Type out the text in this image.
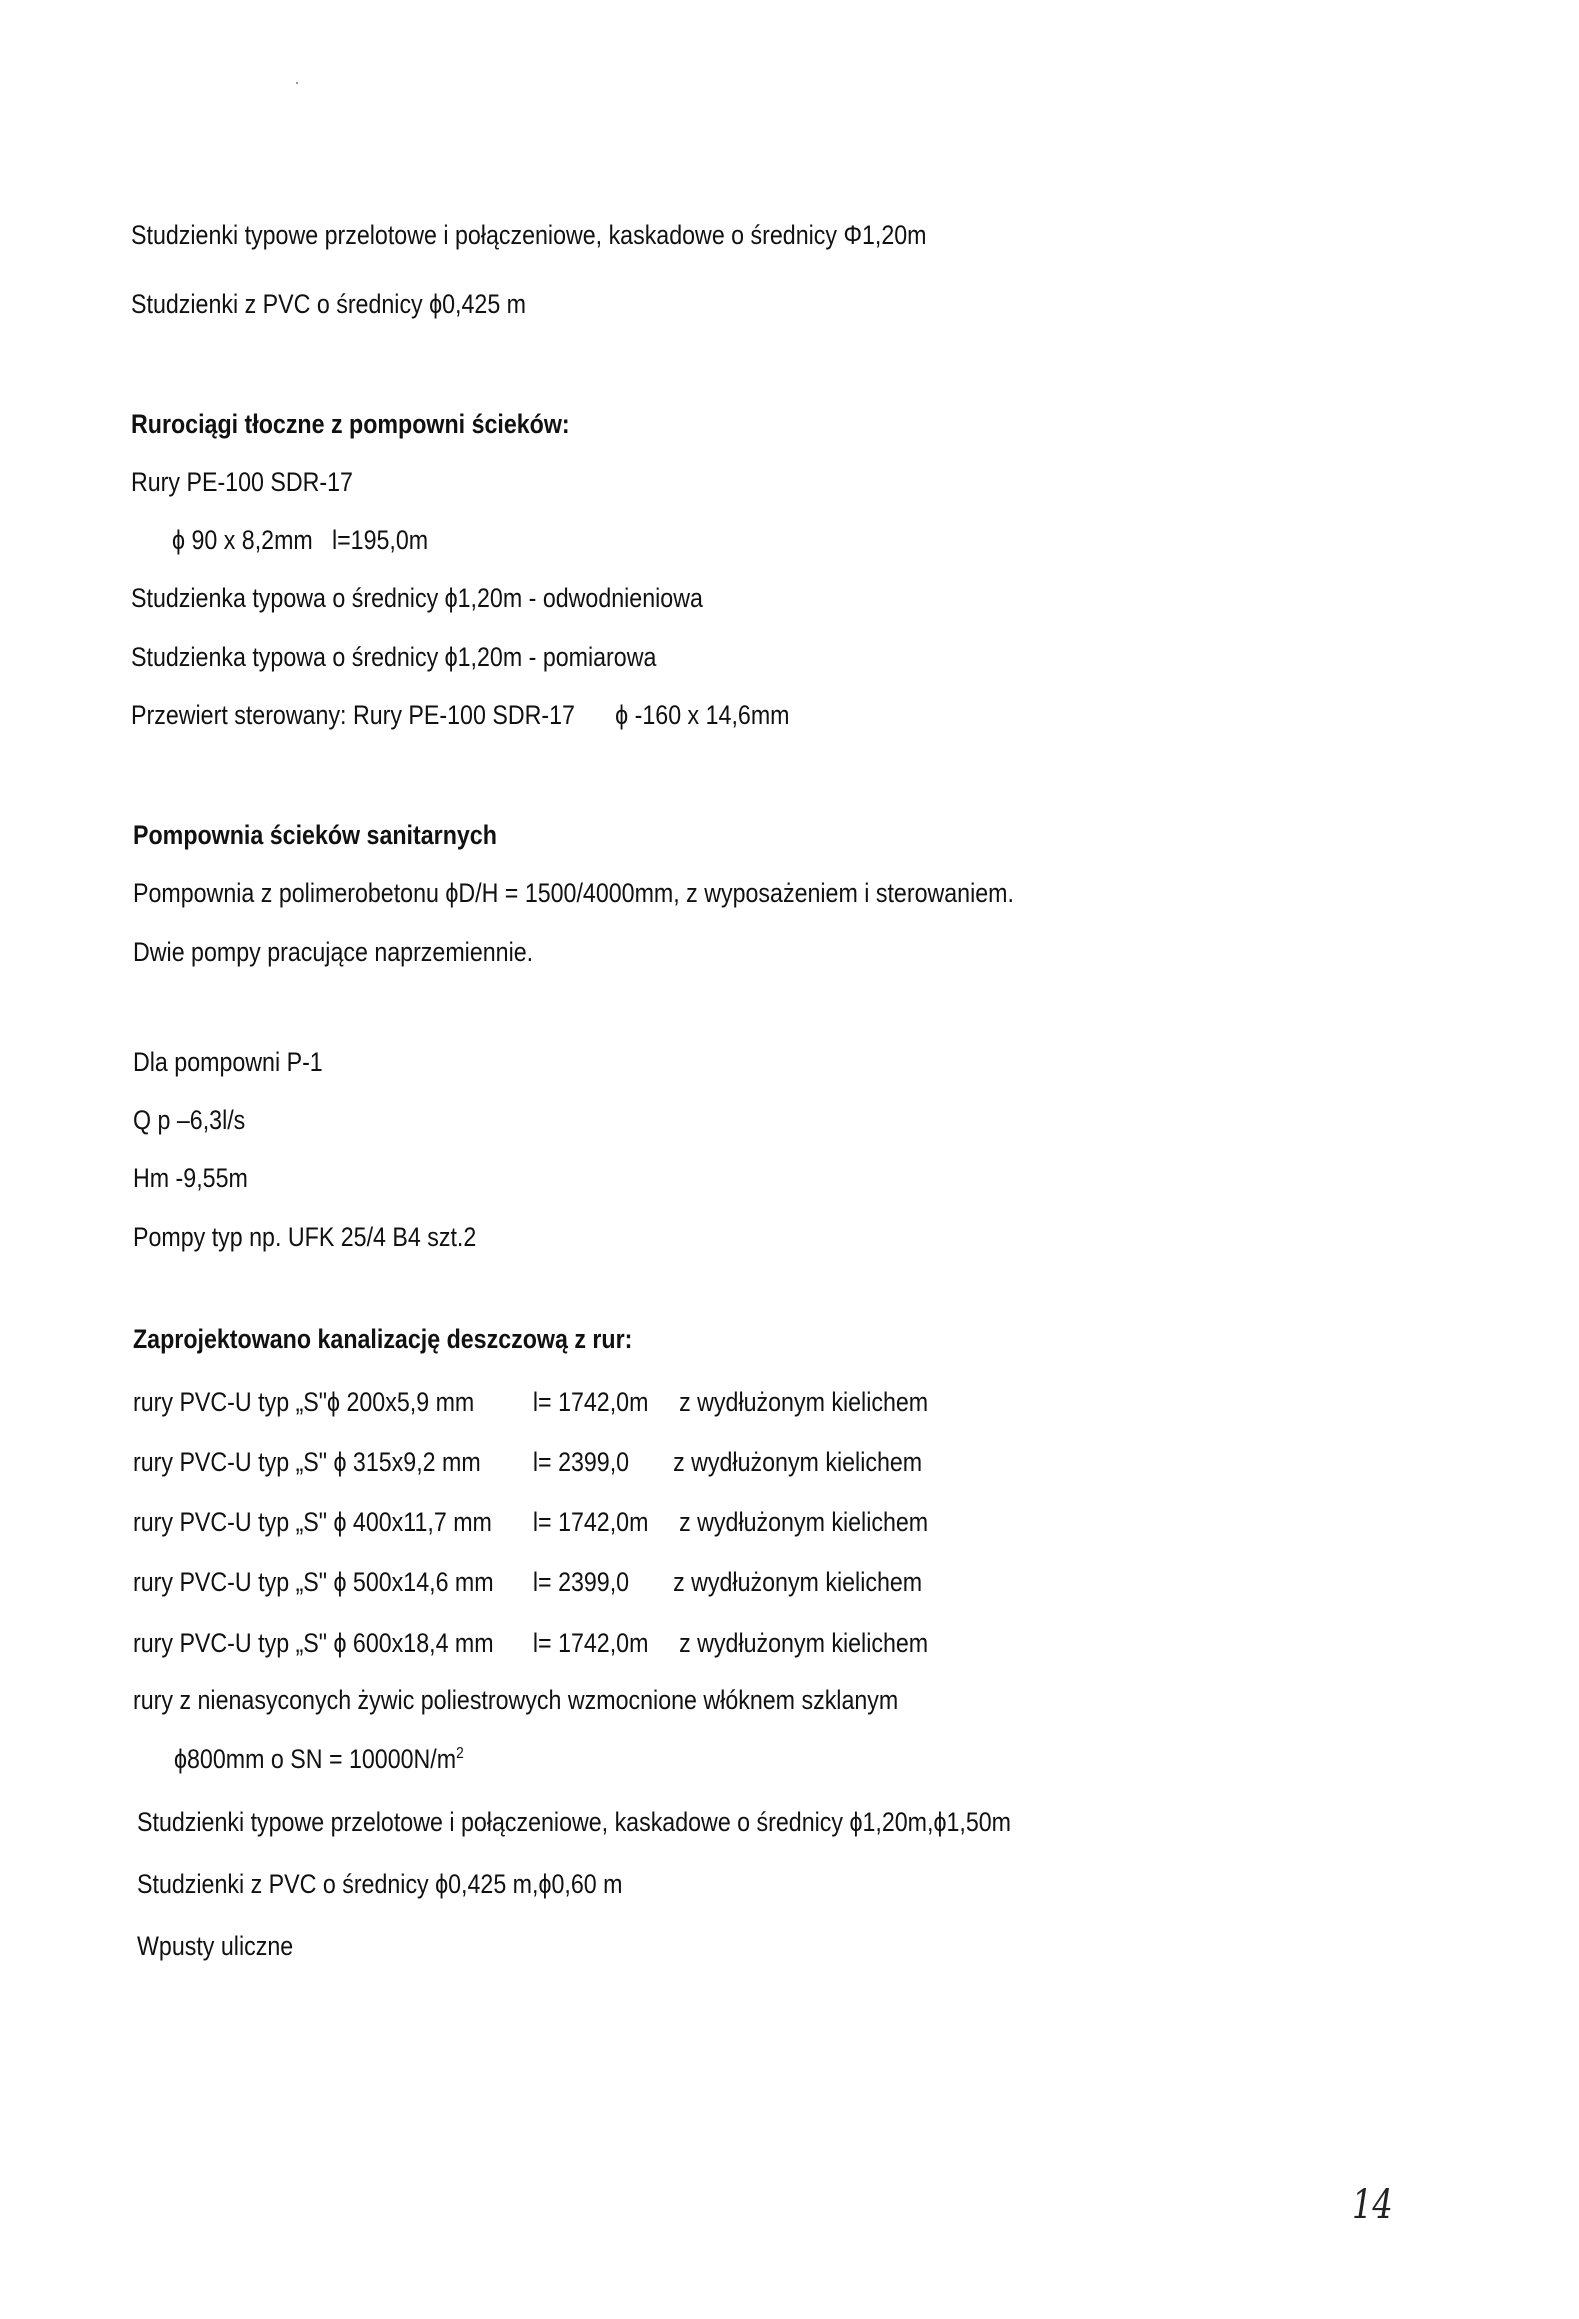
Studzienki typowe przelotowe i połączeniowe, kaskadowe o średnicy Φ1,20m
Studzienki z PVC o średnicy ϕ0,425 m
Rurociągi tłoczne z pompowni ścieków:
Rury PE-100 SDR-17
ϕ 90 x 8,2mm l=195,0m
Studzienka typowa o średnicy ϕ1,20m - odwodnieniowa
Studzienka typowa o średnicy ϕ1,20m - pomiarowa
Przewiert sterowany: Rury PE-100 SDR-17 ϕ -160 x 14,6mm
Pompownia ścieków sanitarnych
Pompownia z polimerobetonu ϕD/H = 1500/4000mm, z wyposażeniem i sterowaniem.
Dwie pompy pracujące naprzemiennie.
Dla pompowni P-1
Q p –6,3l/s
Hm -9,55m
Pompy typ np. UFK 25/4 B4 szt.2
Zaprojektowano kanalizację deszczową z rur:
rury PVC-U typ „S"ϕ 200x5,9 mm l= 1742,0m z wydłużonym kielichem
rury PVC-U typ „S" ϕ 315x9,2 mm l= 2399,0 z wydłużonym kielichem
rury PVC-U typ „S" ϕ 400x11,7 mm l= 1742,0m z wydłużonym kielichem
rury PVC-U typ „S" ϕ 500x14,6 mm l= 2399,0 z wydłużonym kielichem
rury PVC-U typ „S" ϕ 600x18,4 mm l= 1742,0m z wydłużonym kielichem
rury z nienasyconych żywic poliestrowych wzmocnione włóknem szklanym
ϕ800mm o SN = $10000N/m^2$
Studzienki typowe przelotowe i połączeniowe, kaskadowe o średnicy ϕ1,20m,ϕ1,50m
Studzienki z PVC o średnicy ϕ0,425 m,ϕ0,60 m
Wpusty uliczne
14
